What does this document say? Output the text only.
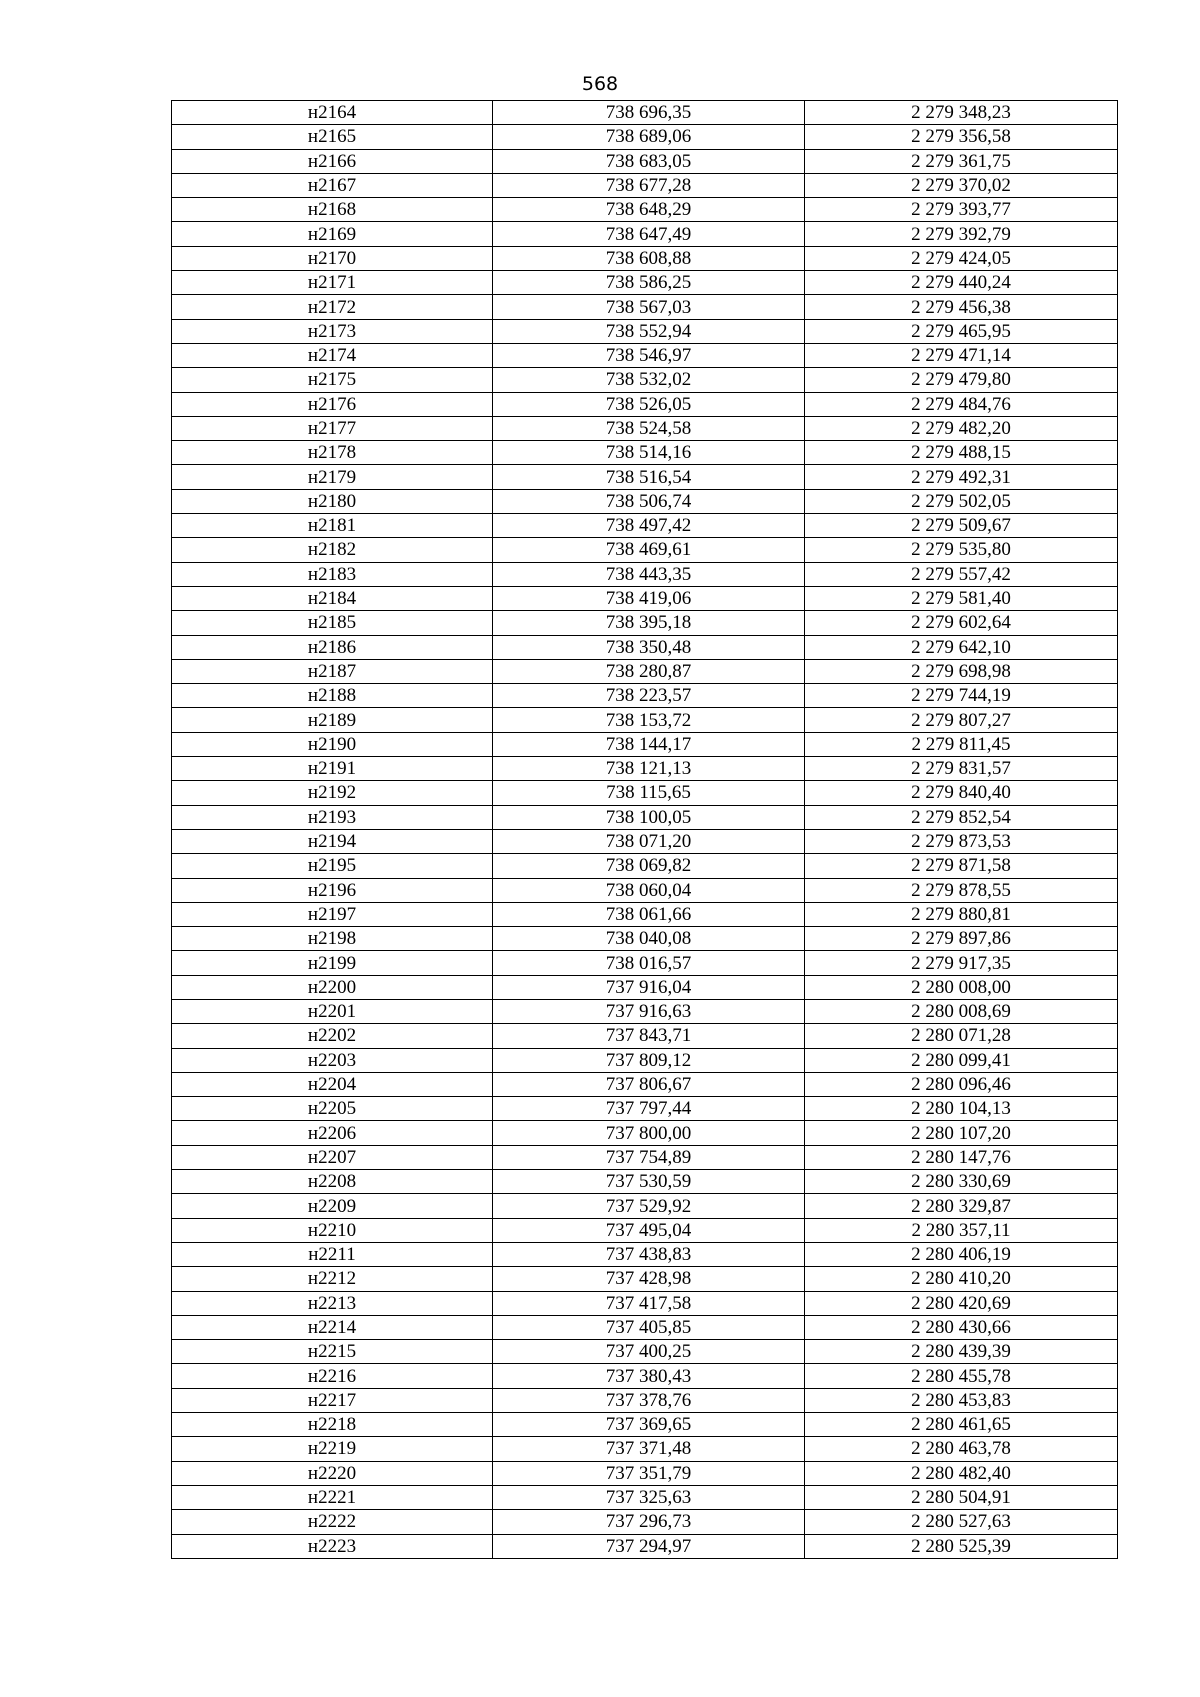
568
н2164	738 696,35	2 279 348,23
н2165	738 689,06	2 279 356,58
н2166	738 683,05	2 279 361,75
н2167	738 677,28	2 279 370,02
н2168	738 648,29	2 279 393,77
н2169	738 647,49	2 279 392,79
н2170	738 608,88	2 279 424,05
н2171	738 586,25	2 279 440,24
н2172	738 567,03	2 279 456,38
н2173	738 552,94	2 279 465,95
н2174	738 546,97	2 279 471,14
н2175	738 532,02	2 279 479,80
н2176	738 526,05	2 279 484,76
н2177	738 524,58	2 279 482,20
н2178	738 514,16	2 279 488,15
н2179	738 516,54	2 279 492,31
н2180	738 506,74	2 279 502,05
н2181	738 497,42	2 279 509,67
н2182	738 469,61	2 279 535,80
н2183	738 443,35	2 279 557,42
н2184	738 419,06	2 279 581,40
н2185	738 395,18	2 279 602,64
н2186	738 350,48	2 279 642,10
н2187	738 280,87	2 279 698,98
н2188	738 223,57	2 279 744,19
н2189	738 153,72	2 279 807,27
н2190	738 144,17	2 279 811,45
н2191	738 121,13	2 279 831,57
н2192	738 115,65	2 279 840,40
н2193	738 100,05	2 279 852,54
н2194	738 071,20	2 279 873,53
н2195	738 069,82	2 279 871,58
н2196	738 060,04	2 279 878,55
н2197	738 061,66	2 279 880,81
н2198	738 040,08	2 279 897,86
н2199	738 016,57	2 279 917,35
н2200	737 916,04	2 280 008,00
н2201	737 916,63	2 280 008,69
н2202	737 843,71	2 280 071,28
н2203	737 809,12	2 280 099,41
н2204	737 806,67	2 280 096,46
н2205	737 797,44	2 280 104,13
н2206	737 800,00	2 280 107,20
н2207	737 754,89	2 280 147,76
н2208	737 530,59	2 280 330,69
н2209	737 529,92	2 280 329,87
н2210	737 495,04	2 280 357,11
н2211	737 438,83	2 280 406,19
н2212	737 428,98	2 280 410,20
н2213	737 417,58	2 280 420,69
н2214	737 405,85	2 280 430,66
н2215	737 400,25	2 280 439,39
н2216	737 380,43	2 280 455,78
н2217	737 378,76	2 280 453,83
н2218	737 369,65	2 280 461,65
н2219	737 371,48	2 280 463,78
н2220	737 351,79	2 280 482,40
н2221	737 325,63	2 280 504,91
н2222	737 296,73	2 280 527,63
н2223	737 294,97	2 280 525,39
